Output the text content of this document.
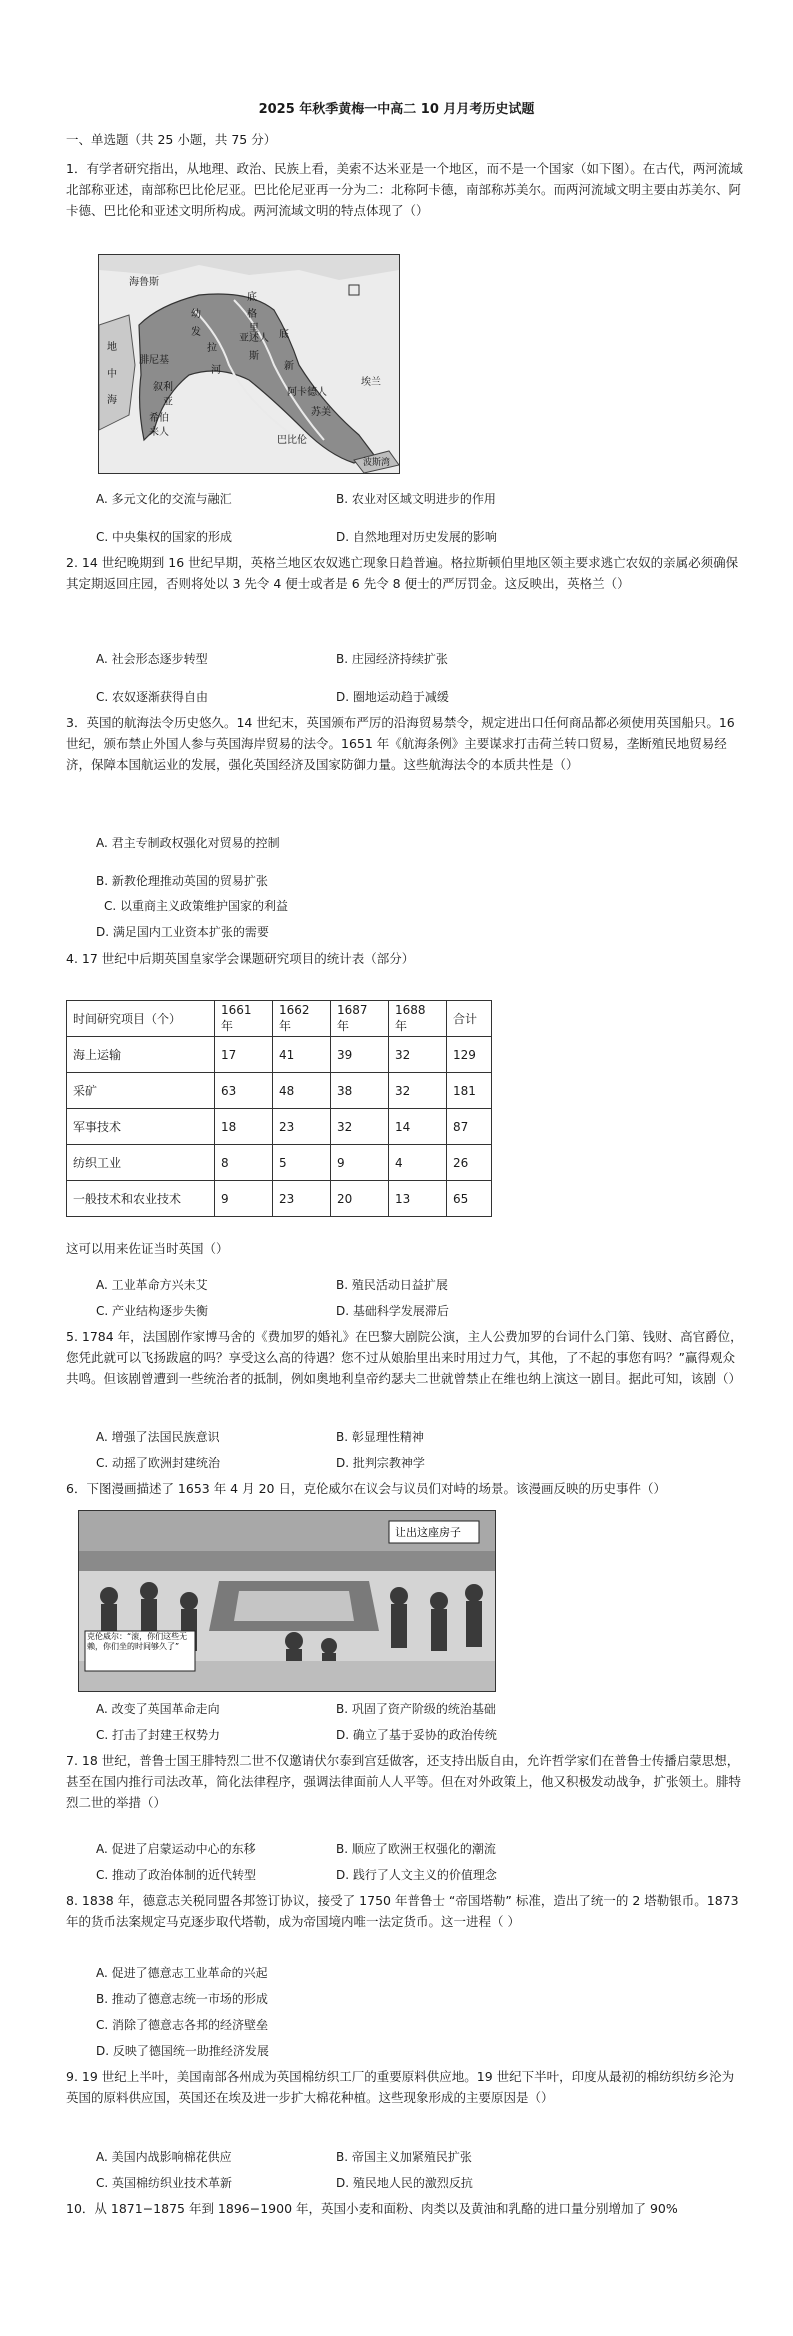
2025 年秋季黄梅一中高二 10 月月考历史试题
一、单选题（共 25 小题，共 75 分）
1．有学者研究指出，从地理、政治、民族上看，美索不达米亚是一个地区，而不是一个国家（如下图）。在古代，两河流域北部称亚述，南部称巴比伦尼亚。巴比伦尼亚再一分为二：北称阿卡德，南部称苏美尔。而两河流域文明主要由苏美尔、阿卡德、巴比伦和亚述文明所构成。两河流域文明的特点体现了（）
海鲁斯
底
幼	格
亚述人
发	里
拉
斯
底
新
河
阿卡德人
地
苏美
中
腓尼基
巴比伦
海
叙利
亚
希伯
来人
埃兰
波斯湾
A. 多元文化的交流与融汇	B. 农业对区域文明进步的作用
C. 中央集权的国家的形成	D. 自然地理对历史发展的影响
2. 14 世纪晚期到 16 世纪早期，英格兰地区农奴逃亡现象日趋普遍。格拉斯顿伯里地区领主要求逃亡农奴的亲属必须确保其定期返回庄园，否则将处以 3 先令 4 便士或者是 6 先令 8 便士的严厉罚金。这反映出，英格兰（）
A. 社会形态逐步转型	B. 庄园经济持续扩张
C. 农奴逐渐获得自由	D. 圈地运动趋于减缓
3．英国的航海法令历史悠久。14 世纪末，英国颁布严厉的沿海贸易禁令，规定进出口任何商品都必须使用英国船只。16 世纪，颁布禁止外国人参与英国海岸贸易的法令。1651 年《航海条例》主要谋求打击荷兰转口贸易，垄断殖民地贸易经济，保障本国航运业的发展，强化英国经济及国家防御力量。这些航海法令的本质共性是（）
A. 君主专制政权强化对贸易的控制
B. 新教伦理推动英国的贸易扩张
C. 以重商主义政策维护国家的利益
D. 满足国内工业资本扩张的需要
4. 17 世纪中后期英国皇家学会课题研究项目的统计表（部分）
时间研究项目（个）	1661 年	1662 年	1687 年	1688 年	合计
海上运输	17	41	39	32	129
采矿	63	48	38	32	181
军事技术	18	23	32	14	87
纺织工业	8	5	9	4	26
一般技术和农业技术	9	23	20	13	65
这可以用来佐证当时英国（）
A. 工业革命方兴未艾	B. 殖民活动日益扩展
C. 产业结构逐步失衡	D. 基础科学发展滞后
5. 1784 年，法国剧作家博马舍的《费加罗的婚礼》在巴黎大剧院公演，主人公费加罗的台词什么门第、钱财、高官爵位，您凭此就可以飞扬跋扈的吗？享受这么高的待遇？您不过从娘胎里出来时用过力气，其他，了不起的事您有吗？”赢得观众共鸣。但该剧曾遭到一些统治者的抵制，例如奥地利皇帝约瑟夫二世就曾禁止在维也纳上演这一剧目。据此可知，该剧（）
A. 增强了法国民族意识	B. 彰显理性精神
C. 动摇了欧洲封建统治	D. 批判宗教神学
6．下图漫画描述了 1653 年 4 月 20 日，克伦威尔在议会与议员们对峙的场景。该漫画反映的历史事件（）
让出这座房子
克伦威尔：“滚，你们这些无赖，你们坐的时间够久了”
A. 改变了英国革命走向	B. 巩固了资产阶级的统治基础
C. 打击了封建王权势力	D. 确立了基于妥协的政治传统
7. 18 世纪，普鲁士国王腓特烈二世不仅邀请伏尔泰到宫廷做客，还支持出版自由，允许哲学家们在普鲁士传播启蒙思想，甚至在国内推行司法改革，简化法律程序，强调法律面前人人平等。但在对外政策上，他又积极发动战争，扩张领土。腓特烈二世的举措（）
A. 促进了启蒙运动中心的东移	B. 顺应了欧洲王权强化的潮流
C. 推动了政治体制的近代转型	D. 践行了人文主义的价值理念
8. 1838 年，德意志关税同盟各邦签订协议，接受了 1750 年普鲁士 “帝国塔勒” 标准，造出了统一的 2 塔勒银币。1873 年的货币法案规定马克逐步取代塔勒，成为帝国境内唯一法定货币。这一进程（ ）
A. 促进了德意志工业革命的兴起
B. 推动了德意志统一市场的形成
C. 消除了德意志各邦的经济壁垒
D. 反映了德国统一助推经济发展
9. 19 世纪上半叶，美国南部各州成为英国棉纺织工厂的重要原料供应地。19 世纪下半叶，印度从最初的棉纺织纺乡沦为英国的原料供应国，英国还在埃及进一步扩大棉花种植。这些现象形成的主要原因是（）
A. 美国内战影响棉花供应	B. 帝国主义加紧殖民扩张
C. 英国棉纺织业技术革新	D. 殖民地人民的激烈反抗
10．从 1871−1875 年到 1896−1900 年，英国小麦和面粉、肉类以及黄油和乳酪的进口量分别增加了 90%
